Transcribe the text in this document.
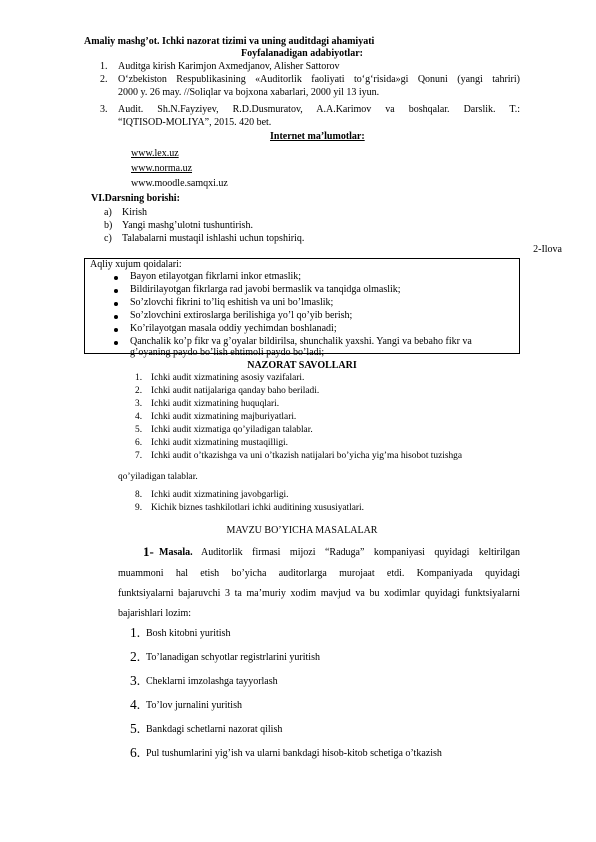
Amaliy mashg’ot. Ichki nazorat tizimi va uning auditdagi ahamiyati
Foyfalanadigan adabiyotlar:
1. Auditga kirish Karimjon Axmedjanov, Alisher Sattorov
2. O‘zbekiston Respublikasining «Auditorlik faoliyati to‘g‘risida»gi Qonuni (yangi tahriri)
2000 y. 26 may. //Soliqlar va bojxona xabarlari, 2000 yil 13 iyun.
3. Audit. Sh.N.Fayziyev, R.D.Dusmuratov, A.A.Karimov va boshqalar. Darslik. T.:
“IQTISOD-MOLIYA”, 2015. 420 bet.
Internet ma’lumotlar:
www.lex.uz
www.norma.uz
www.moodle.samqxi.uz
VI.Darsning borishi:
a) Kirish
b) Yangi mashg’ulotni tushuntirish.
c) Talabalarni mustaqil ishlashi uchun topshiriq.
2-Ilova
Aqliy xujum qoidalari:
Bayon etilayotgan fikrlarni inkor etmaslik;
Bildirilayotgan fikrlarga rad javobi bermaslik va tanqidga olmaslik;
So’zlovchi fikrini to’liq eshitish va uni bo’lmaslik;
So’zlovchini extiroslarga berilishiga yo’l qo’yib berish;
Ko’rilayotgan masala oddiy yechimdan boshlanadi;
Qanchalik ko’p fikr va g’oyalar bildirilsa, shunchalik yaxshi. Yangi va bebaho fikr va
g’oyaning paydo bo’lish ehtimoli paydo bo’ladi;
NAZORAT SAVOLLARI
1. Ichki audit xizmatining asosiy vazifalari.
2. Ichki audit natijalariga qanday baho beriladi.
3. Ichki audit xizmatining huquqlari.
4. Ichki audit xizmatining majburiyatlari.
5. Ichki audit xizmatiga qo’yiladigan talablar.
6. Ichki audit xizmatining mustaqilligi.
7. Ichki audit o’tkazishga va uni o’tkazish natijalari bo’yicha yig’ma hisobot tuzishga
qo’yiladigan talablar.
8. Ichki audit xizmatining javobgarligi.
9. Kichik biznes tashkilotlari ichki auditining xususiyatlari.
MAVZU BO’YICHA MASALALAR
1- Masala. Auditorlik firmasi mijozi “Raduga” kompaniyasi quyidagi keltirilgan
muammoni hal etish bo’yicha auditorlarga murojaat etdi. Kompaniyada quyidagi
funktsiyalarni bajaruvchi 3 ta ma’muriy xodim mavjud va bu xodimlar quyidagi funktsiyalarni
bajarishlari lozim:
1. Bosh kitobni yuritish
2. To’lanadigan schyotlar registrlarini yuritish
3. Cheklarni imzolashga tayyorlash
4. To’lov jurnalini yuritish
5. Bankdagi schetlarni nazorat qilish
6. Pul tushumlarini yig’ish va ularni bankdagi hisob-kitob schetiga o’tkazish
